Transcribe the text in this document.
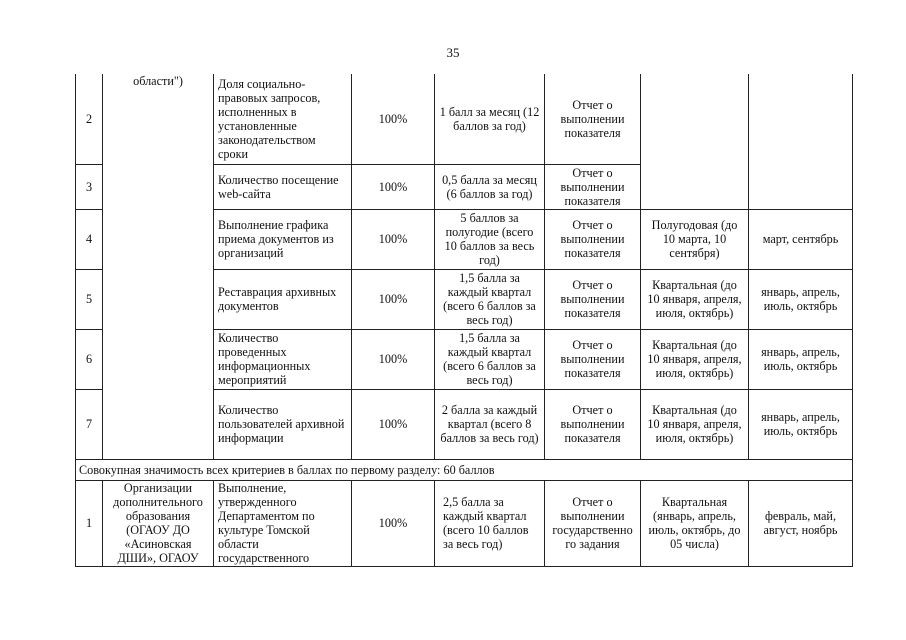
35
2	области")	Доля социально-правовых запросов, исполненных в установленные законодательством сроки	100%	1 балл за месяц (12 баллов за год)	Отчет о выполнении показателя		
3		Количество посещение web-сайта	100%	0,5 балла за месяц (6 баллов за год)	Отчет о выполнении показателя		
4		Выполнение графика приема документов из организаций	100%	5 баллов за полугодие (всего 10 баллов за весь год)	Отчет о выполнении показателя	Полугодовая (до 10 марта, 10 сентября)	март, сентябрь
5		Реставрация архивных документов	100%	1,5 балла за каждый квартал (всего 6 баллов за весь год)	Отчет о выполнении показателя	Квартальная (до 10 января, апреля, июля, октябрь)	январь, апрель, июль, октябрь
6		Количество проведенных информационных мероприятий	100%	1,5 балла за каждый квартал (всего 6 баллов за весь год)	Отчет о выполнении показателя	Квартальная (до 10 января, апреля, июля, октябрь)	январь, апрель, июль, октябрь
7		Количество пользователей архивной информации	100%	2 балла за каждый квартал (всего 8 баллов за весь год)	Отчет о выполнении показателя	Квартальная (до 10 января, апреля, июля, октябрь)	январь, апрель, июль, октябрь
Совокупная значимость всех критериев в баллах по первому разделу: 60 баллов							
1	Организации дополнительного образования (ОГАОУ ДО «Асиновская ДШИ», ОГАОУ	Выполнение, утвержденного Департаментом по культуре Томской области государственного	100%	2,5 балла за каждый квартал (всего 10 баллов за весь год)	Отчет о выполнении государственно го задания	Квартальная (январь, апрель, июль, октябрь, до 05 числа)	февраль, май, август, ноябрь
